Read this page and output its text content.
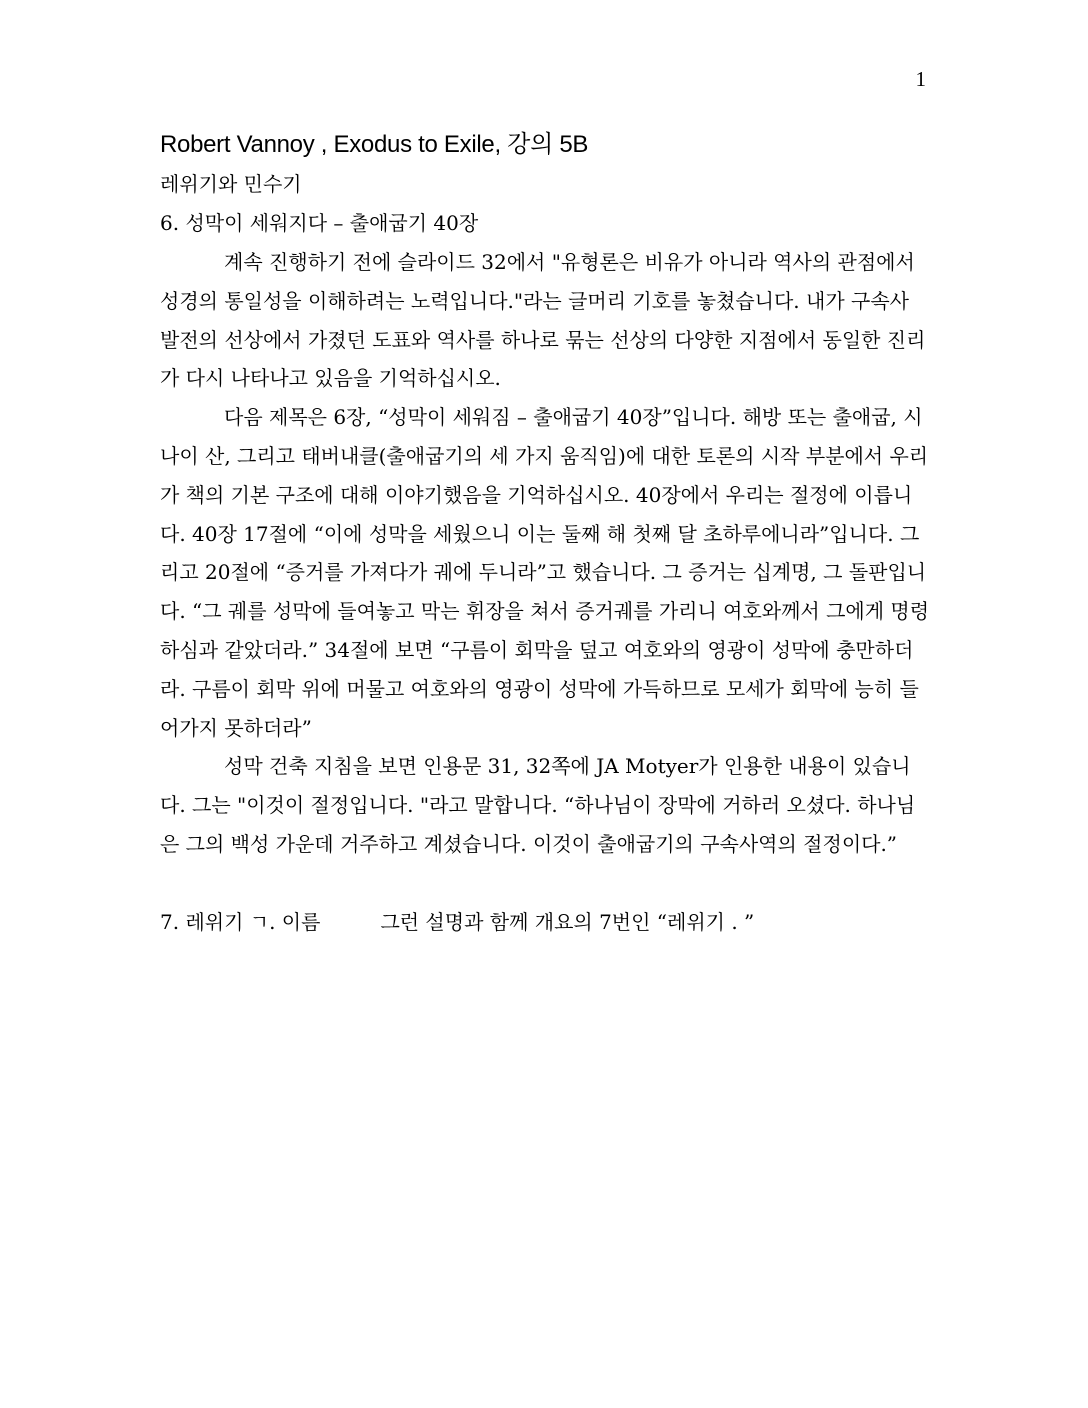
1
Robert Vannoy , Exodus to Exile, 강의 5B

레위기와 민수기

6. 성막이 세워지다 – 출애굽기 40장

계속 진행하기 전에 슬라이드 32에서 "유형론은 비유가 아니라 역사의 관점에서 성경의 통일성을 이해하려는 노력입니다."라는 글머리 기호를 놓쳤습니다. 내가 구속사 발전의 선상에서 가졌던 도표와 역사를 하나로 묶는 선상의 다양한 지점에서 동일한 진리가 다시 나타나고 있음을 기억하십시오.

다음 제목은 6장, “성막이 세워짐 – 출애굽기 40장”입니다. 해방 또는 출애굽, 시나이 산, 그리고 태버내클(출애굽기의 세 가지 움직임)에 대한 토론의 시작 부분에서 우리가 책의 기본 구조에 대해 이야기했음을 기억하십시오. 40장에서 우리는 절정에 이릅니다. 40장 17절에 “이에 성막을 세웠으니 이는 둘째 해 첫째 달 초하루에니라”입니다. 그리고 20절에 “증거를 가져다가 궤에 두니라”고 했습니다. 그 증거는 십계명, 그 돌판입니다. “그 궤를 성막에 들여놓고 막는 휘장을 쳐서 증거궤를 가리니 여호와께서 그에게 명령하심과 같았더라.” 34절에 보면 “구름이 회막을 덮고 여호와의 영광이 성막에 충만하더라. 구름이 회막 위에 머물고 여호와의 영광이 성막에 가득하므로 모세가 회막에 능히 들어가지 못하더라”

성막 건축 지침을 보면 인용문 31, 32쪽에 JA Motyer가 인용한 내용이 있습니다. 그는 "이것이 절정입니다. "라고 말합니다. “하나님이 장막에 거하러 오셨다. 하나님은 그의 백성 가운데 거주하고 계셨습니다. 이것이 출애굽기의 구속사역의 절정이다.”

7. 레위기 ㄱ. 이름	그런 설명과 함께 개요의 7번인 “레위기 . ”
